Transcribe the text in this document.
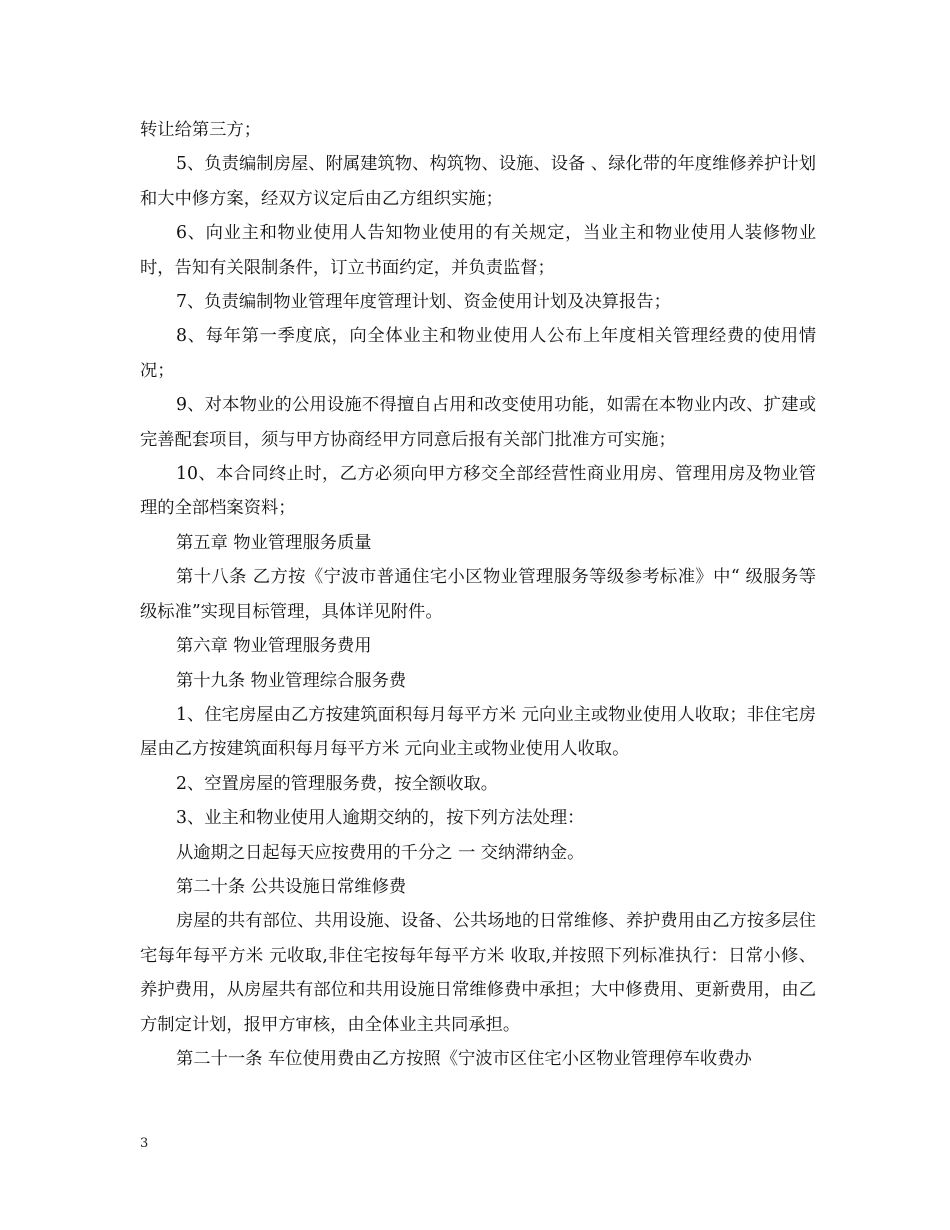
转让给第三方；

5、负责编制房屋、附属建筑物、构筑物、设施、设备 、绿化带的年度维修养护计划和大中修方案，经双方议定后由乙方组织实施；

6、向业主和物业使用人告知物业使用的有关规定，当业主和物业使用人装修物业时，告知有关限制条件，订立书面约定，并负责监督；

7、负责编制物业管理年度管理计划、资金使用计划及决算报告；

8、每年第一季度底，向全体业主和物业使用人公布上年度相关管理经费的使用情况；

9、对本物业的公用设施不得擅自占用和改变使用功能，如需在本物业内改、扩建或完善配套项目，须与甲方协商经甲方同意后报有关部门批准方可实施；

10、本合同终止时，乙方必须向甲方移交全部经营性商业用房、管理用房及物业管理的全部档案资料；

第五章 物业管理服务质量

第十八条 乙方按《宁波市普通住宅小区物业管理服务等级参考标准》中“ 级服务等级标准”实现目标管理，具体详见附件。

第六章 物业管理服务费用

第十九条 物业管理综合服务费

1、住宅房屋由乙方按建筑面积每月每平方米 元向业主或物业使用人收取；非住宅房屋由乙方按建筑面积每月每平方米 元向业主或物业使用人收取。

2、空置房屋的管理服务费，按全额收取。

3、业主和物业使用人逾期交纳的，按下列方法处理：

从逾期之日起每天应按费用的千分之 一 交纳滞纳金。

第二十条 公共设施日常维修费

房屋的共有部位、共用设施、设备、公共场地的日常维修、养护费用由乙方按多层住宅每年每平方米 元收取,非住宅按每年每平方米 收取,并按照下列标准执行：日常小修、养护费用，从房屋共有部位和共用设施日常维修费中承担；大中修费用、更新费用，由乙方制定计划，报甲方审核，由全体业主共同承担。

第二十一条 车位使用费由乙方按照《宁波市区住宅小区物业管理停车收费办

3
